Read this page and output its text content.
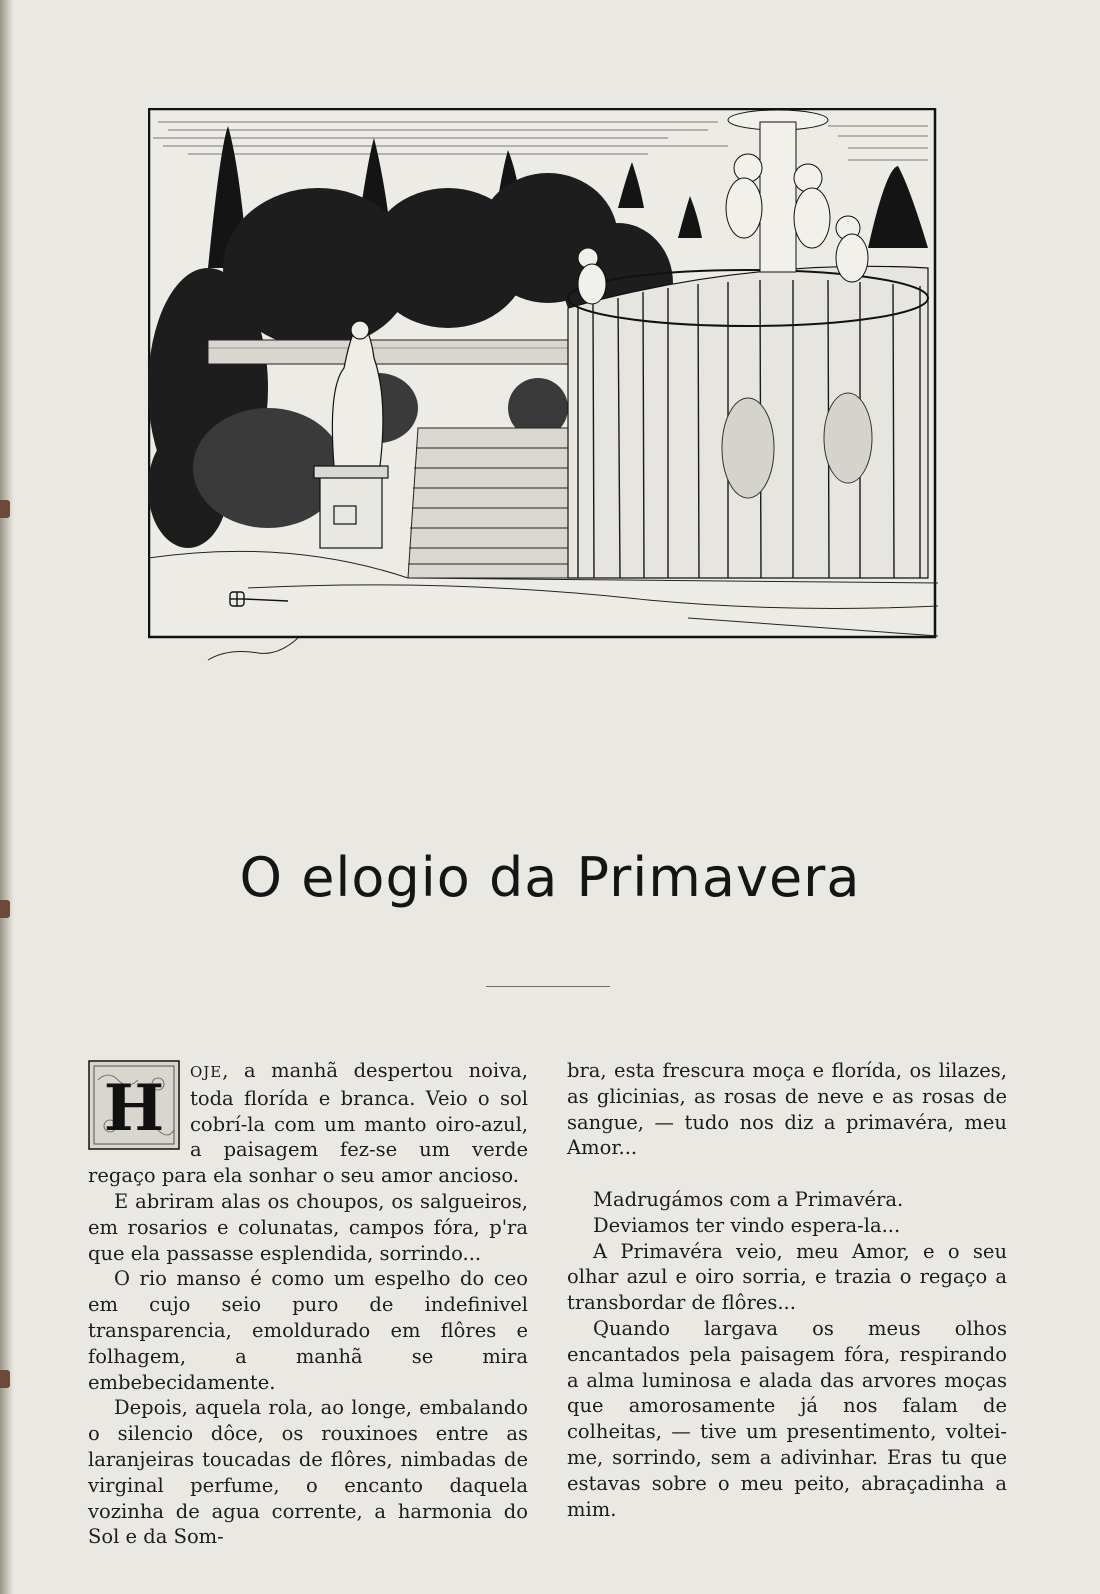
O elogio da Primavera
H	OJE, a manhã despertou noiva, toda florída e branca. Veio o sol cobrí-la com um manto oiro-azul, a paisagem fez-se um verde regaço para ela sonhar o seu amor ancioso.

E abriram alas os choupos, os salgueiros, em rosarios e colunatas, campos fóra, p'ra que ela passasse esplendida, sorrindo...

O rio manso é como um espelho do ceo em cujo seio puro de indefinivel transparencia, emoldurado em flôres e folhagem, a manhã se mira embebecidamente.

Depois, aquela rola, ao longe, embalando o silencio dôce, os rouxinoes entre as laranjeiras toucadas de flôres, nimbadas de virginal perfume, o encanto daquela vozinha de agua corrente, a harmonia do Sol e da Som-

bra, esta frescura moça e florída, os lilazes, as glicinias, as rosas de neve e as rosas de sangue, — tudo nos diz a primavéra, meu Amor...

Madrugámos com a Primavéra.

Deviamos ter vindo espera-la...

A Primavéra veio, meu Amor, e o seu olhar azul e oiro sorria, e trazia o regaço a transbordar de flôres...

Quando largava os meus olhos encantados pela paisagem fóra, respirando a alma luminosa e alada das arvores moças que amorosamente já nos falam de colheitas, — tive um presentimento, voltei-me, sorrindo, sem a adivinhar. Eras tu que estavas sobre o meu peito, abraçadinha a mim.
